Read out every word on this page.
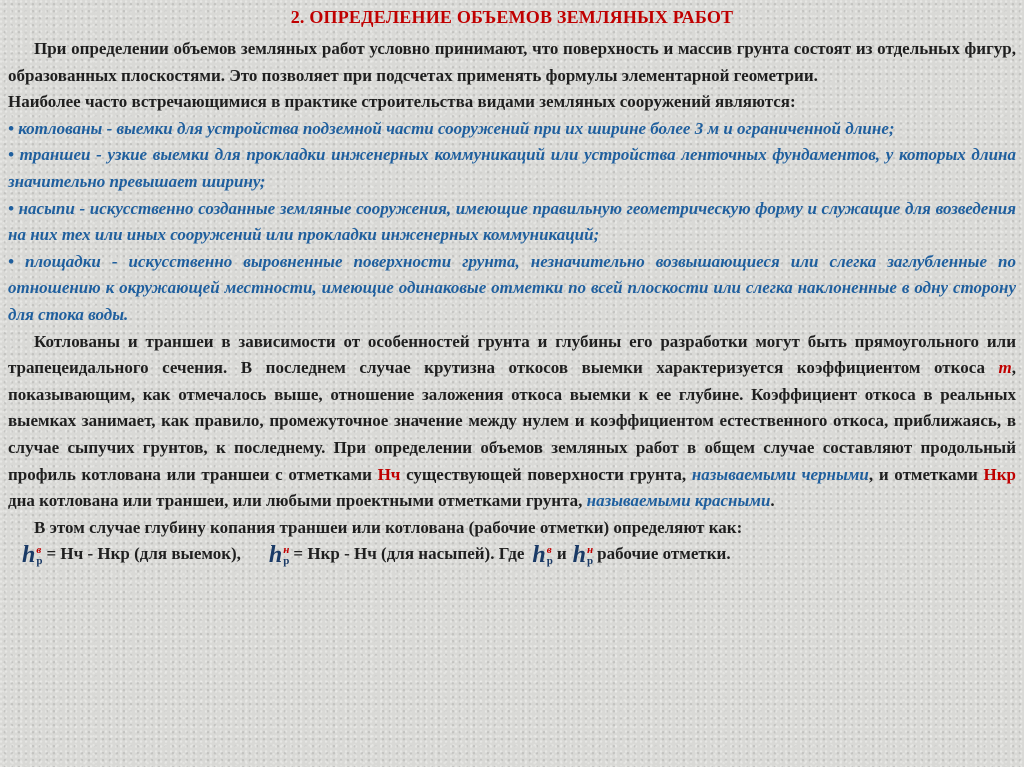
2. ОПРЕДЕЛЕНИЕ ОБЪЕМОВ ЗЕМЛЯНЫХ РАБОТ

При определении объемов земляных работ условно принимают, что поверхность и массив грунта состоят из отдельных фигур, образованных плоскостями. Это позволяет при подсчетах применять формулы элементарной геометрии.

Наиболее часто встречающимися в практике строительства видами земляных сооружений являются:

• котлованы - выемки для устройства подземной части сооружений при их ширине более 3 м и ограниченной длине;

• траншеи - узкие выемки для прокладки инженерных коммуникаций или устройства ленточных фундаментов, у которых длина значительно превышает ширину;

• насыпи - искусственно созданные земляные сооружения, имеющие правильную геометрическую форму и служащие для возведения на них тех или иных сооружений или прокладки инженерных коммуникаций;

• площадки - искусственно выровненные поверхности грунта, незначительно возвышающиеся или слегка заглубленные по отношению к окружающей местности, имеющие одинаковые отметки по всей плоскости или слегка наклоненные в одну сторону для стока воды.

Котлованы и траншеи в зависимости от особенностей грунта и глубины его разработки могут быть прямоугольного или трапецеидального сечения. В последнем случае крутизна откосов выемки характеризуется коэффициентом откоса m, показывающим, как отмечалось выше, отношение заложения откоса выемки к ее глубине. Коэффициент откоса в реальных выемках занимает, как правило, промежуточное значение между нулем и коэффициентом естественного откоса, приближаясь, в случае сыпучих грунтов, к последнему. При определении объемов земляных работ в общем случае составляют продольный профиль котлована или траншеи с отметками Нч существующей поверхности грунта, называемыми черными, и отметками Нкр дна котлована или траншеи, или любыми проектными отметками грунта, называемыми красными.

В этом случае глубину копания траншеи или котлована (рабочие отметки) определяют как:

h в
р = Нч - Нкр (для выемок), h н
р = Нкр - Нч (для насыпей). Где h в
р и h н
р рабочие отметки.
